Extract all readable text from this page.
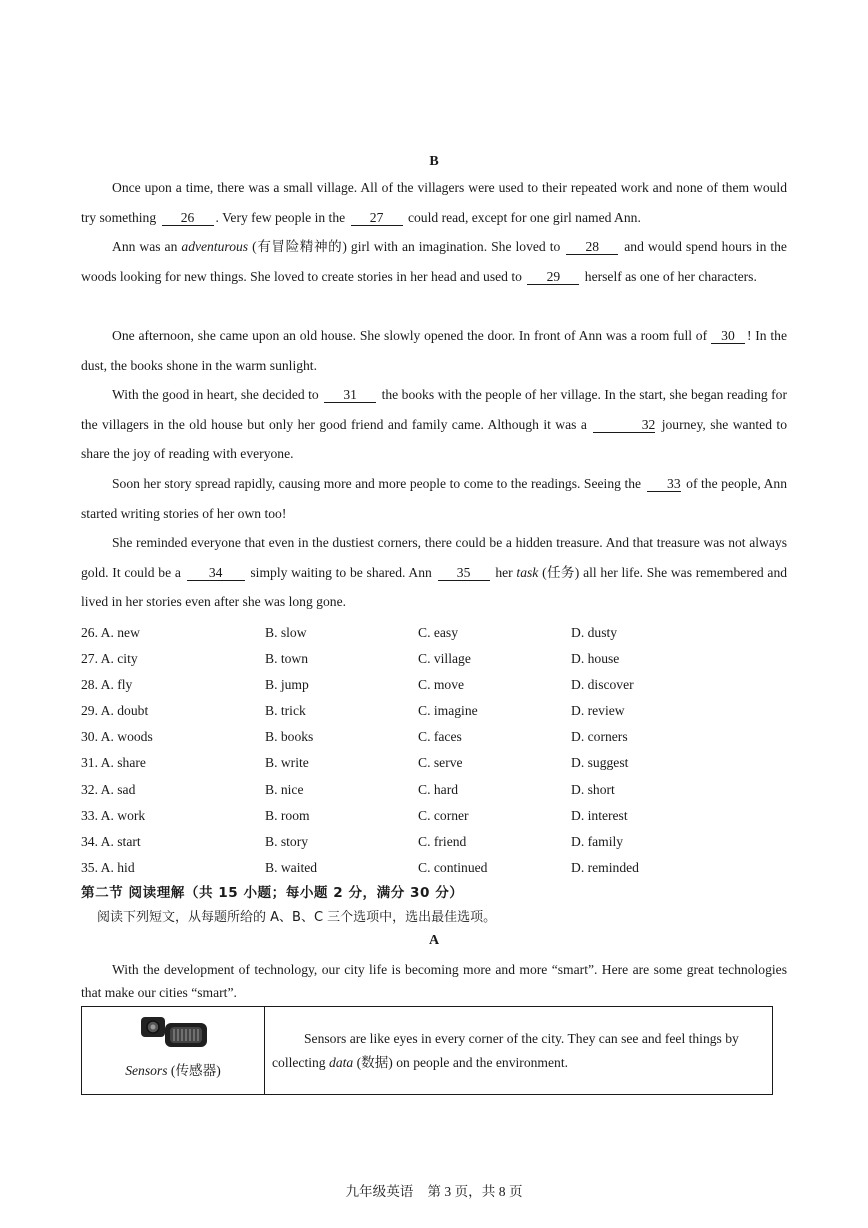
B

Once upon a time, there was a small village. All of the villagers were used to their repeated work and none of them would try something 26 . Very few people in the 27 could read, except for one girl named Ann.

Ann was an adventurous (有冒险精神的) girl with an imagination. She loved to 28 and would spend hours in the woods looking for new things. She loved to create stories in her head and used to 29 herself as one of her characters.

One afternoon, she came upon an old house. She slowly opened the door. In front of Ann was a room full of 30 ! In the dust, the books shone in the warm sunlight.

With the good in heart, she decided to 31 the books with the people of her village. In the start, she began reading for the villagers in the old house but only her good friend and family came. Although it was a	32 journey, she wanted to share the joy of reading with everyone.

Soon her story spread rapidly, causing more and more people to come to the readings. Seeing the 33 of the people, Ann started writing stories of her own too!

She reminded everyone that even in the dustiest corners, there could be a hidden treasure. And that treasure was not always gold. It could be a 34 simply waiting to be shared. Ann 35 her task (任务) all her life. She was remembered and lived in her stories even after she was long gone.

26. A. new	B. slow	C. easy	D. dusty
27. A. city	B. town	C. village	D. house
28. A. fly	B. jump	C. move	D. discover
29. A. doubt	B. trick	C. imagine	D. review
30. A. woods	B. books	C. faces	D. corners
31. A. share	B. write	C. serve	D. suggest
32. A. sad	B. nice	C. hard	D. short
33. A. work	B. room	C. corner	D. interest
34. A. start	B. story	C. friend	D. family
35. A. hid	B. waited	C. continued	D. reminded
第二节 阅读理解（共 15 小题；每小题 2 分，满分 30 分）
阅读下列短文，从每题所给的 A、B、C 三个选项中，选出最佳选项。
A

With the development of technology, our city life is becoming more and more “smart”. Here are some great technologies that make our cities “smart”.

Sensors (传感器)
Sensors are like eyes in every corner of the city. They can see and feel things by collecting data (数据) on people and the environment.
九年级英语 第 3 页，共 8 页
